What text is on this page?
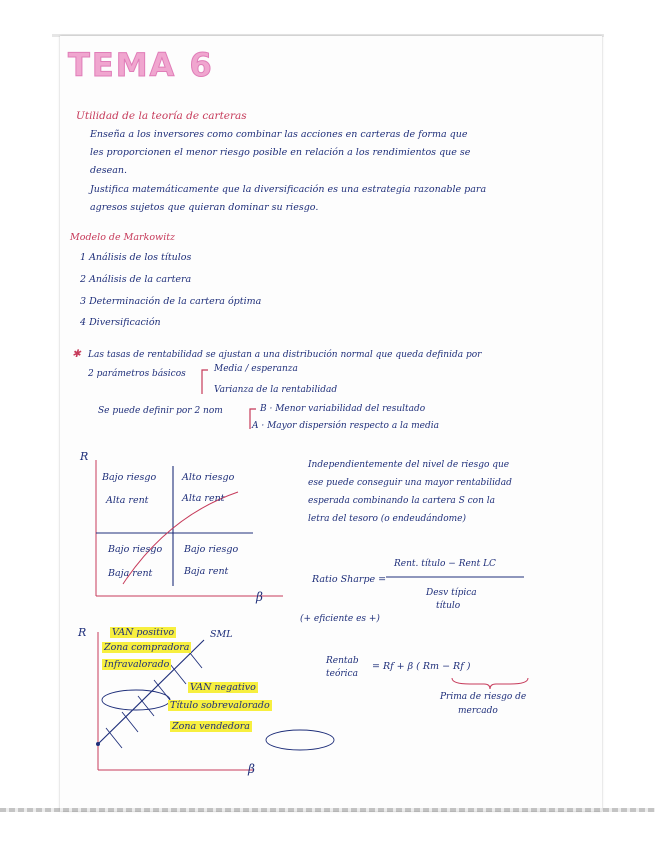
TEMA 6
Utilidad de la teoría de carteras
Enseña a los inversores como combinar las acciones en carteras de forma que
les proporcionen el menor riesgo posible en relación a los rendimientos que se
desean.
Justifica matemáticamente que la diversificación es una estrategia razonable para
agresos sujetos que quieran dominar su riesgo.
Modelo de Markowitz
1 Análisis de los títulos
2 Análisis de la cartera
3 Determinación de la cartera óptima
4 Diversificación
✱ Las tasas de rentabilidad se ajustan a una distribución normal que queda definida por
2 parámetros básicos	Media / esperanza
Varianza de la rentabilidad
Se puede definir por 2 nom	B · Menor variabilidad del resultado
A · Mayor dispersión respecto a la media
R
Bajo riesgo
Alta rent
Alto riesgo
Alta rent
Bajo riesgo
Baja rent
Bajo riesgo
Baja rent
β
Independientemente del nivel de riesgo que
ese puede conseguir una mayor rentabilidad
esperada combinando la cartera S con la
letra del tesoro (o endeudándome)
Ratio Sharpe =
Rent. título − Rent LC
Desv típica
título
(+ eficiente es +)
R	SML
VAN positivo
Zona compradora
Infravalorado
VAN negativo
Título sobrevalorado
Zona vendedora
β
Rentab
teórica
= Rf + β ( Rm − Rf )
Prima de riesgo de
mercado
